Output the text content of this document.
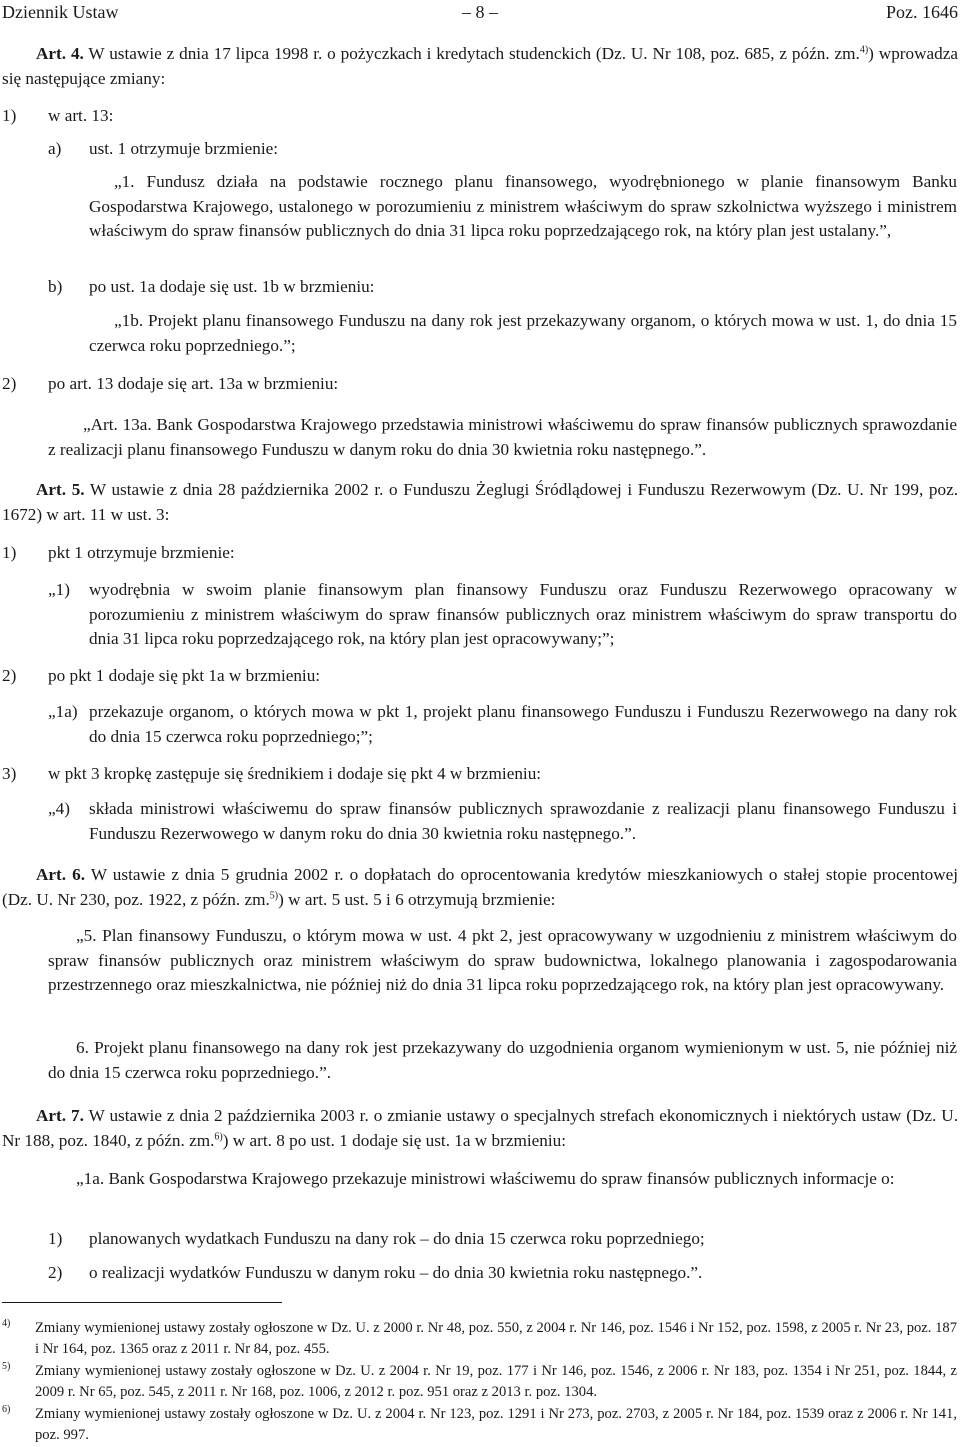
Dziennik Ustaw	– 8 –	Poz. 1646

Art. 4. W ustawie z dnia 17 lipca 1998 r. o pożyczkach i kredytach studenckich (Dz. U. Nr 108, poz. 685, z późn. zm.$^{4)}$) wprowadza się następujące zmiany:

1) w art. 13:
a) ust. 1 otrzymuje brzmienie:

„1. Fundusz działa na podstawie rocznego planu finansowego, wyodrębnionego w planie finansowym Banku Gospodarstwa Krajowego, ustalonego w porozumieniu z ministrem właściwym do spraw szkolnictwa wyższego i ministrem właściwym do spraw finansów publicznych do dnia 31 lipca roku poprzedzającego rok, na który plan jest ustalany.”,

b) po ust. 1a dodaje się ust. 1b w brzmieniu:

„1b. Projekt planu finansowego Funduszu na dany rok jest przekazywany organom, o których mowa w ust. 1, do dnia 15 czerwca roku poprzedniego.”;

2) po art. 13 dodaje się art. 13a w brzmieniu:

„Art. 13a. Bank Gospodarstwa Krajowego przedstawia ministrowi właściwemu do spraw finansów publicznych sprawozdanie z realizacji planu finansowego Funduszu w danym roku do dnia 30 kwietnia roku następnego.”.

Art. 5. W ustawie z dnia 28 października 2002 r. o Funduszu Żeglugi Śródlądowej i Funduszu Rezerwowym (Dz. U. Nr 199, poz. 1672) w art. 11 w ust. 3:

1) pkt 1 otrzymuje brzmienie:
„1) wyodrębnia w swoim planie finansowym plan finansowy Funduszu oraz Funduszu Rezerwowego opracowany w porozumieniu z ministrem właściwym do spraw finansów publicznych oraz ministrem właściwym do spraw transportu do dnia 31 lipca roku poprzedzającego rok, na który plan jest opracowywany;”;

2) po pkt 1 dodaje się pkt 1a w brzmieniu:
„1a) przekazuje organom, o których mowa w pkt 1, projekt planu finansowego Funduszu i Funduszu Rezerwowego na dany rok do dnia 15 czerwca roku poprzedniego;”;

3) w pkt 3 kropkę zastępuje się średnikiem i dodaje się pkt 4 w brzmieniu:
„4) składa ministrowi właściwemu do spraw finansów publicznych sprawozdanie z realizacji planu finansowego Funduszu i Funduszu Rezerwowego w danym roku do dnia 30 kwietnia roku następnego.”.

Art. 6. W ustawie z dnia 5 grudnia 2002 r. o dopłatach do oprocentowania kredytów mieszkaniowych o stałej stopie procentowej (Dz. U. Nr 230, poz. 1922, z późn. zm.$^{5)}$) w art. 5 ust. 5 i 6 otrzymują brzmienie:

„5. Plan finansowy Funduszu, o którym mowa w ust. 4 pkt 2, jest opracowywany w uzgodnieniu z ministrem właściwym do spraw finansów publicznych oraz ministrem właściwym do spraw budownictwa, lokalnego planowania i zagospodarowania przestrzennego oraz mieszkalnictwa, nie później niż do dnia 31 lipca roku poprzedzającego rok, na który plan jest opracowywany.

6. Projekt planu finansowego na dany rok jest przekazywany do uzgodnienia organom wymienionym w ust. 5, nie później niż do dnia 15 czerwca roku poprzedniego.”.

Art. 7. W ustawie z dnia 2 października 2003 r. o zmianie ustawy o specjalnych strefach ekonomicznych i niektórych ustaw (Dz. U. Nr 188, poz. 1840, z późn. zm.$^{6)}$) w art. 8 po ust. 1 dodaje się ust. 1a w brzmieniu:

„1a. Bank Gospodarstwa Krajowego przekazuje ministrowi właściwemu do spraw finansów publicznych informacje o:

1) planowanych wydatkach Funduszu na dany rok – do dnia 15 czerwca roku poprzedniego;
2) o realizacji wydatków Funduszu w danym roku – do dnia 30 kwietnia roku następnego.”.
4) Zmiany wymienionej ustawy zostały ogłoszone w Dz. U. z 2000 r. Nr 48, poz. 550, z 2004 r. Nr 146, poz. 1546 i Nr 152, poz. 1598, z 2005 r. Nr 23, poz. 187 i Nr 164, poz. 1365 oraz z 2011 r. Nr 84, poz. 455.

5) Zmiany wymienionej ustawy zostały ogłoszone w Dz. U. z 2004 r. Nr 19, poz. 177 i Nr 146, poz. 1546, z 2006 r. Nr 183, poz. 1354 i Nr 251, poz. 1844, z 2009 r. Nr 65, poz. 545, z 2011 r. Nr 168, poz. 1006, z 2012 r. poz. 951 oraz z 2013 r. poz. 1304.

6) Zmiany wymienionej ustawy zostały ogłoszone w Dz. U. z 2004 r. Nr 123, poz. 1291 i Nr 273, poz. 2703, z 2005 r. Nr 184, poz. 1539 oraz z 2006 r. Nr 141, poz. 997.
